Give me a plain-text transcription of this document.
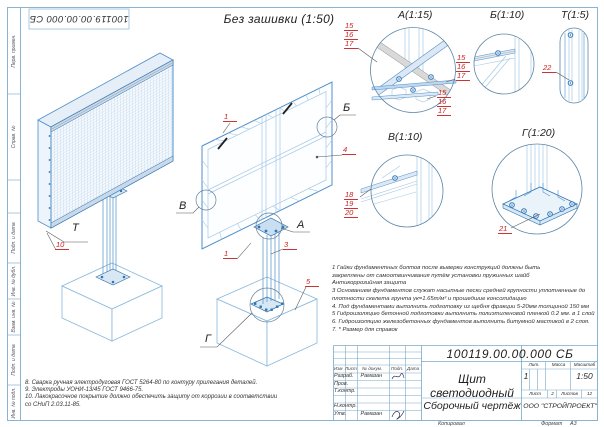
100119.00.00.000 СБ	Без зашивки (1:50)
Перв. примен.
Справ. №
Подп. и дата
Инв. № дубл.
Взам. инв. №
Подп. и дата
Инв. № подл.
А(1:15)	Б(1:10)	Т(1:5)
В(1:10)	Г(1:20)
Т
В
Б
А
Г
15
16
17
15
16
17
15
16
17
22
18
19
20
21
4
1
1
3
5
10
1 Гайки фундаментных болтов после выверки конструкций должны быть
закреплены от самоотвинчивания путём установки пружинных шайб
Антикоррозийная защита
3 Основанием фундаментов служат насыпные пески средней крупности уплотненные до
плотности скелета грунта γк=1.65т/м³ и прошедшие консолидацию
4. Под фундаментами выполнить подготовку из щебня фракции 5-20мм толщиной 150 мм
5 Гидроизоляцию бетонной подготовки выполнить полиэтиленовой пленкой 0.2 мм. в 1 слой
6. Гидроизоляцию железобетонных фундаментов выполнить битумной мастикой в 2 слоя.
7. * Размер для справок
8. Сварка ручная электродуговая ГОСТ 5264-80 по контуру прилегания деталей.
9. Электроды УОНИ-13/45 ГОСТ 9466-75.
10. Лакокрасочное покрытие должно обеспечить защиту от коррозии в соответствии
со СНиП 2.03.11-85.
100119.00.00.000 СБ
Щит светодиодный
Сборочный чертёж ООО "СТРОЙПРОЕКТ"
Изм Лист № докум. Подп. Дата
Разраб. Рамазан
Пров.
Т.контр.
Н.контр.
Утв.	Рамазан
Лит.	Масса	Масштаб
1	1:50
Лист	2	Листов	12
Копировал	Формат А3
